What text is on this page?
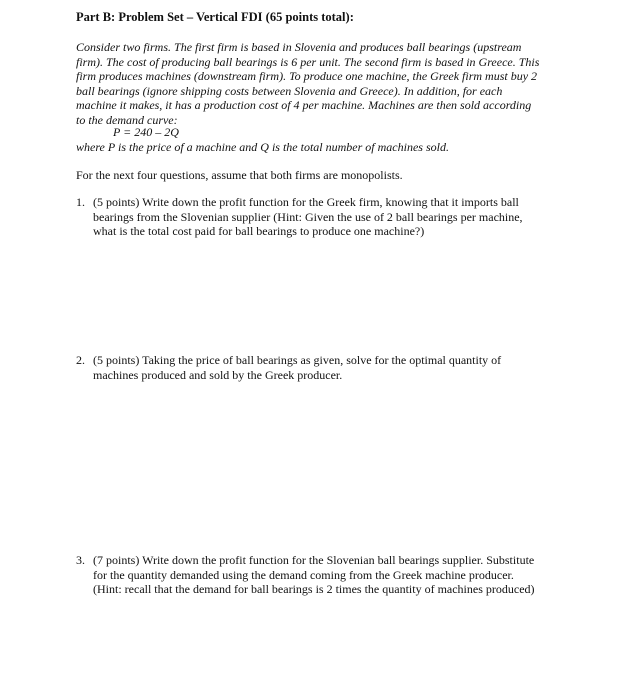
Part B: Problem Set – Vertical FDI (65 points total):
Consider two firms. The first firm is based in Slovenia and produces ball bearings (upstream
firm). The cost of producing ball bearings is 6 per unit. The second firm is based in Greece. This
firm produces machines (downstream firm). To produce one machine, the Greek firm must buy 2
ball bearings (ignore shipping costs between Slovenia and Greece). In addition, for each
machine it makes, it has a production cost of 4 per machine. Machines are then sold according
to the demand curve:
P = 240 – 2Q
where P is the price of a machine and Q is the total number of machines sold.
For the next four questions, assume that both firms are monopolists.
1. (5 points) Write down the profit function for the Greek firm, knowing that it imports ball
bearings from the Slovenian supplier (Hint: Given the use of 2 ball bearings per machine,
what is the total cost paid for ball bearings to produce one machine?)
2. (5 points) Taking the price of ball bearings as given, solve for the optimal quantity of
machines produced and sold by the Greek producer.
3. (7 points) Write down the profit function for the Slovenian ball bearings supplier. Substitute
for the quantity demanded using the demand coming from the Greek machine producer.
(Hint: recall that the demand for ball bearings is 2 times the quantity of machines produced)
